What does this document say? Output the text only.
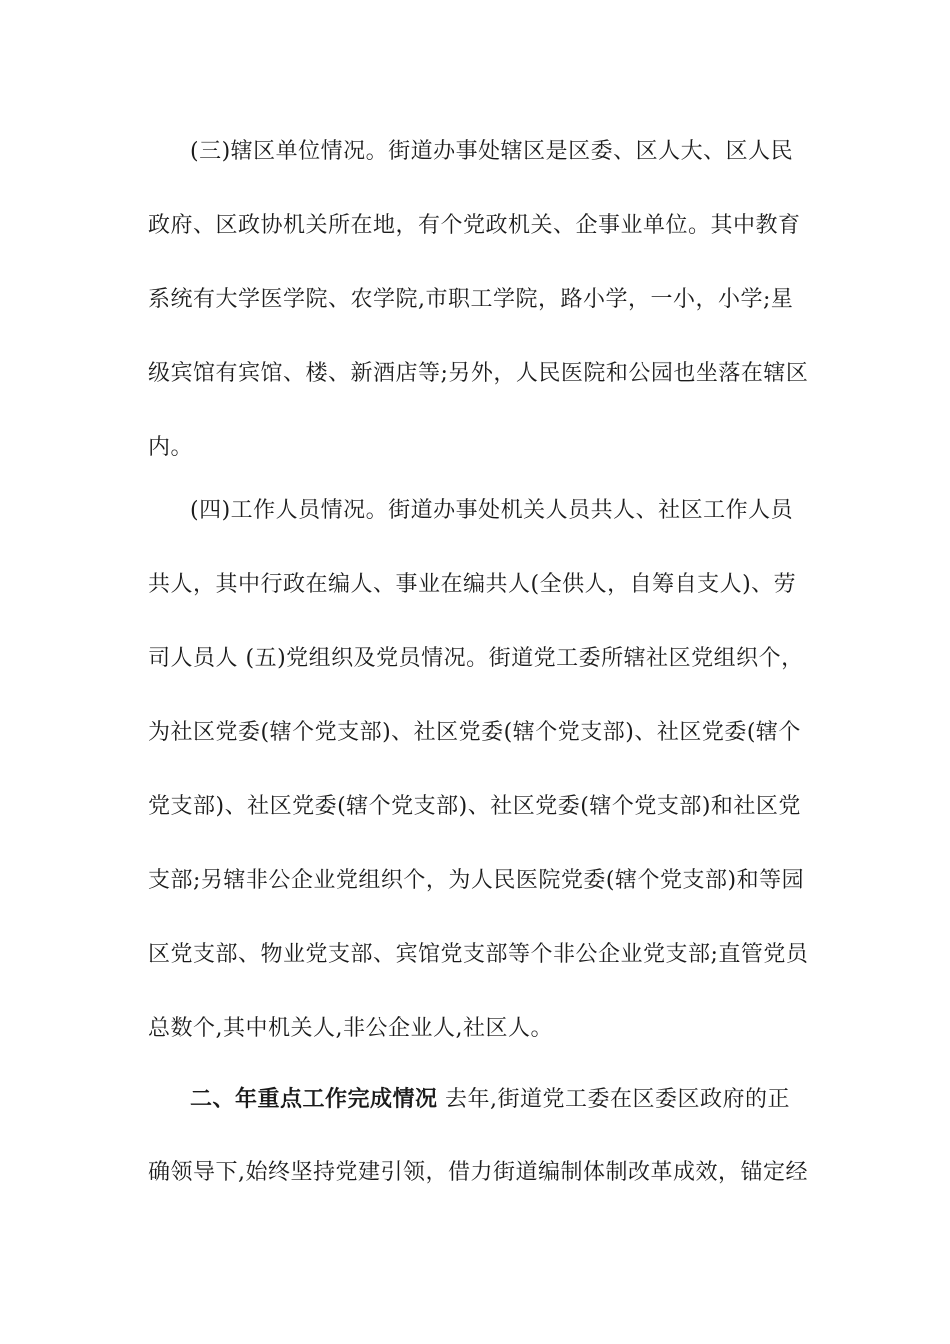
(三)辖区单位情况。街道办事处辖区是区委、区人大、区人民
政府、区政协机关所在地，有个党政机关、企事业单位。其中教育
系统有大学医学院、农学院,市职工学院，路小学，一小，小学;星
级宾馆有宾馆、楼、新酒店等;另外，人民医院和公园也坐落在辖区
内。
(四)工作人员情况。街道办事处机关人员共人、社区工作人员
共人，其中行政在编人、事业在编共人(全供人，自筹自支人)、劳
司人员人 (五)党组织及党员情况。街道党工委所辖社区党组织个，
为社区党委(辖个党支部)、社区党委(辖个党支部)、社区党委(辖个
党支部)、社区党委(辖个党支部)、社区党委(辖个党支部)和社区党
支部;另辖非公企业党组织个，为人民医院党委(辖个党支部)和等园
区党支部、物业党支部、宾馆党支部等个非公企业党支部;直管党员
总数个,其中机关人,非公企业人,社区人。
二、年重点工作完成情况 去年,街道党工委在区委区政府的正
确领导下,始终坚持党建引领，借力街道编制体制改革成效，锚定经
